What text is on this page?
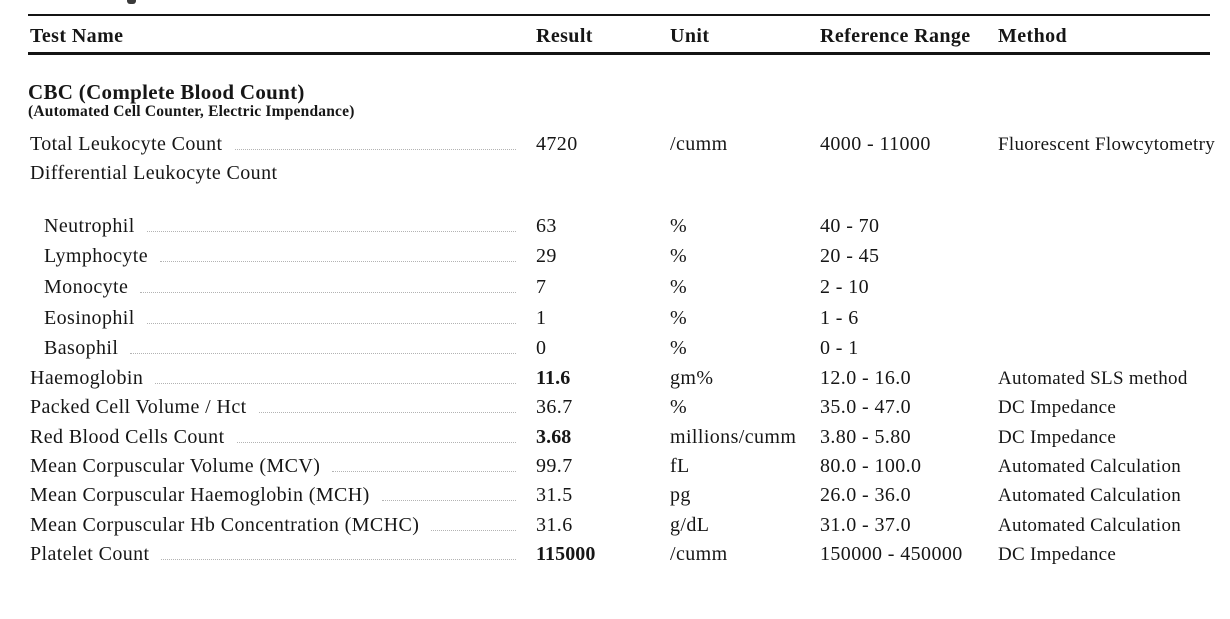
Test Name	Result	Unit	Reference Range	Method
CBC (Complete Blood Count)
(Automated Cell Counter, Electric Impendance)
Total Leukocyte Count	4720	/cumm	4000 - 11000	Fluorescent Flowcytometry
Differential Leukocyte Count
Neutrophil	63	%	40 - 70
Lymphocyte	29	%	20 - 45
Monocyte	7	%	2 - 10
Eosinophil	1	%	1 - 6
Basophil	0	%	0 - 1
Haemoglobin	11.6	gm%	12.0 - 16.0	Automated SLS method
Packed Cell Volume / Hct	36.7	%	35.0 - 47.0	DC Impedance
Red Blood Cells Count	3.68	millions/cumm	3.80 - 5.80	DC Impedance
Mean Corpuscular Volume (MCV)	99.7	fL	80.0 - 100.0	Automated Calculation
Mean Corpuscular Haemoglobin (MCH)	31.5	pg	26.0 - 36.0	Automated Calculation
Mean Corpuscular Hb Concentration (MCHC)	31.6	g/dL	31.0 - 37.0	Automated Calculation
Platelet Count	115000	/cumm	150000 - 450000	DC Impedance
